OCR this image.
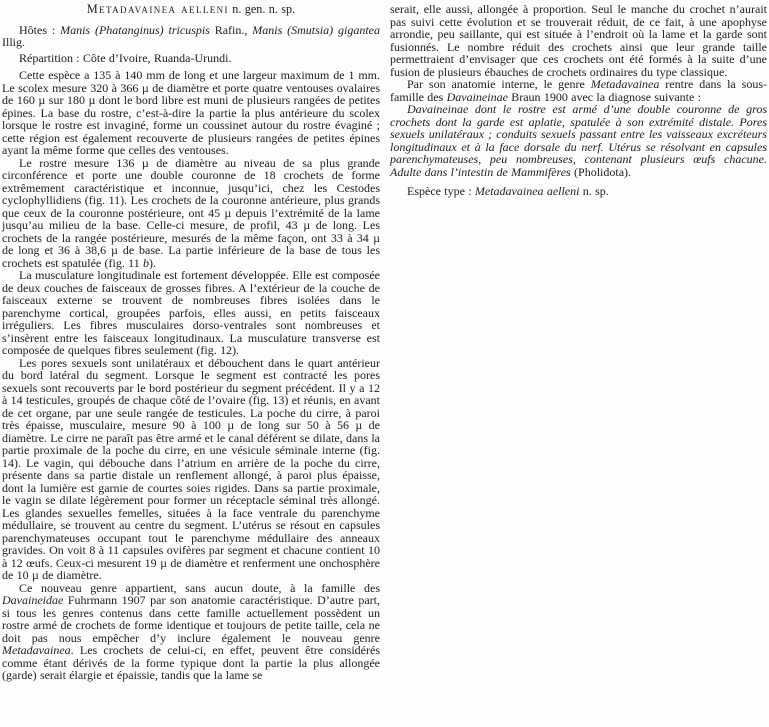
Metadavainea aelleni n. gen. n. sp.

Hôtes : Manis (Phatanginus) tricuspis Rafin., Manis (Smutsia) gigantea Illig.

Répartition : Côte d’Ivoire, Ruanda-Urundi.

Cette espèce a 135 à 140 mm de long et une largeur maximum de 1 mm. Le scolex mesure 320 à 366 µ de diamètre et porte quatre ventouses ovalaires de 160 µ sur 180 µ dont le bord libre est muni de plusieurs rangées de petites épines. La base du rostre, c’est-à-dire la partie la plus antérieure du scolex lorsque le rostre est invaginé, forme un coussinet autour du rostre évaginé ; cette région est également recouverte de plusieurs rangées de petites épines ayant la même forme que celles des ventouses.

Le rostre mesure 136 µ de diamètre au niveau de sa plus grande circonférence et porte une double couronne de 18 crochets de forme extrêmement caractéristique et inconnue, jusqu’ici, chez les Cestodes cyclophyllidiens (fig. 11). Les crochets de la couronne antérieure, plus grands que ceux de la couronne postérieure, ont 45 µ depuis l’extrémité de la lame jusqu’au milieu de la base. Celle-ci mesure, de profil, 43 µ de long. Les crochets de la rangée postérieure, mesurés de la même façon, ont 33 à 34 µ de long et 36 à 38,6 µ de base. La partie inférieure de la base de tous les crochets est spatulée (fig. 11 b).

La musculature longitudinale est fortement développée. Elle est composée de deux couches de faisceaux de grosses fibres. A l’extérieur de la couche de faisceaux externe se trouvent de nombreuses fibres isolées dans le parenchyme cortical, groupées parfois, elles aussi, en petits faisceaux irréguliers. Les fibres musculaires dorso-ventrales sont nombreuses et s’insèrent entre les faisceaux longitudinaux. La musculature transverse est composée de quelques fibres seulement (fig. 12).

Les pores sexuels sont unilatéraux et débouchent dans le quart antérieur du bord latéral du segment. Lorsque le segment est contracté les pores sexuels sont recouverts par le bord postérieur du segment précédent. Il y a 12 à 14 testicules, groupés de chaque côté de l’ovaire (fig. 13) et réunis, en avant de cet organe, par une seule rangée de testicules. La poche du cirre, à paroi très épaisse, musculaire, mesure 90 à 100 µ de long sur 50 à 56 µ de diamètre. Le cirre ne paraît pas être armé et le canal déférent se dilate, dans la partie proximale de la poche du cirre, en une vésicule séminale interne (fig. 14). Le vagin, qui débouche dans l’atrium en arrière de la poche du cirre, présente dans sa partie distale un renflement allongé, à paroi plus épaisse, dont la lumière est garnie de courtes soies rigides. Dans sa partie proximale, le vagin se dilate légèrement pour former un réceptacle séminal très allongé. Les glandes sexuelles femelles, situées à la face ventrale du parenchyme médullaire, se trouvent au centre du segment. L’utérus se résout en capsules parenchymateuses occupant tout le parenchyme médullaire des anneaux gravides. On voit 8 à 11 capsules ovifères par segment et chacune contient 10 à 12 œufs. Ceux-ci mesurent 19 µ de diamètre et renferment une onchosphère de 10 µ de diamètre.

Ce nouveau genre appartient, sans aucun doute, à la famille des Davaineidae Fuhrmann 1907 par son anatomie caractéristique. D’autre part, si tous les genres contenus dans cette famille actuellement possèdent un rostre armé de crochets de forme identique et toujours de petite taille, cela ne doit pas nous empêcher d’y inclure également le nouveau genre Metadavainea. Les crochets de celui-ci, en effet, peuvent être considérés comme étant dérivés de la forme typique dont la partie la plus allongée (garde) serait élargie et épaissie, tandis que la lame se

serait, elle aussi, allongée à proportion. Seul le manche du crochet n’aurait pas suivi cette évolution et se trouverait réduit, de ce fait, à une apophyse arrondie, peu saillante, qui est située à l’endroit où la lame et la garde sont fusionnés. Le nombre réduit des crochets ainsi que leur grande taille permettraient d’envisager que ces crochets ont été formés à la suite d’une fusion de plusieurs ébauches de crochets ordinaires du type classique.

Par son anatomie interne, le genre Metadavainea rentre dans la sous-famille des Davaineinae Braun 1900 avec la diagnose suivante :

Davaineinae dont le rostre est armé d’une double couronne de gros crochets dont la garde est aplatie, spatulée à son extrémité distale. Pores sexuels unilatéraux ; conduits sexuels passant entre les vaisseaux excréteurs longitudinaux et à la face dorsale du nerf. Utérus se résolvant en capsules parenchymateuses, peu nombreuses, contenant plusieurs œufs chacune. Adulte dans l’intestin de Mammifères (Pholidota).

Espèce type : Metadavainea aelleni n. sp.
